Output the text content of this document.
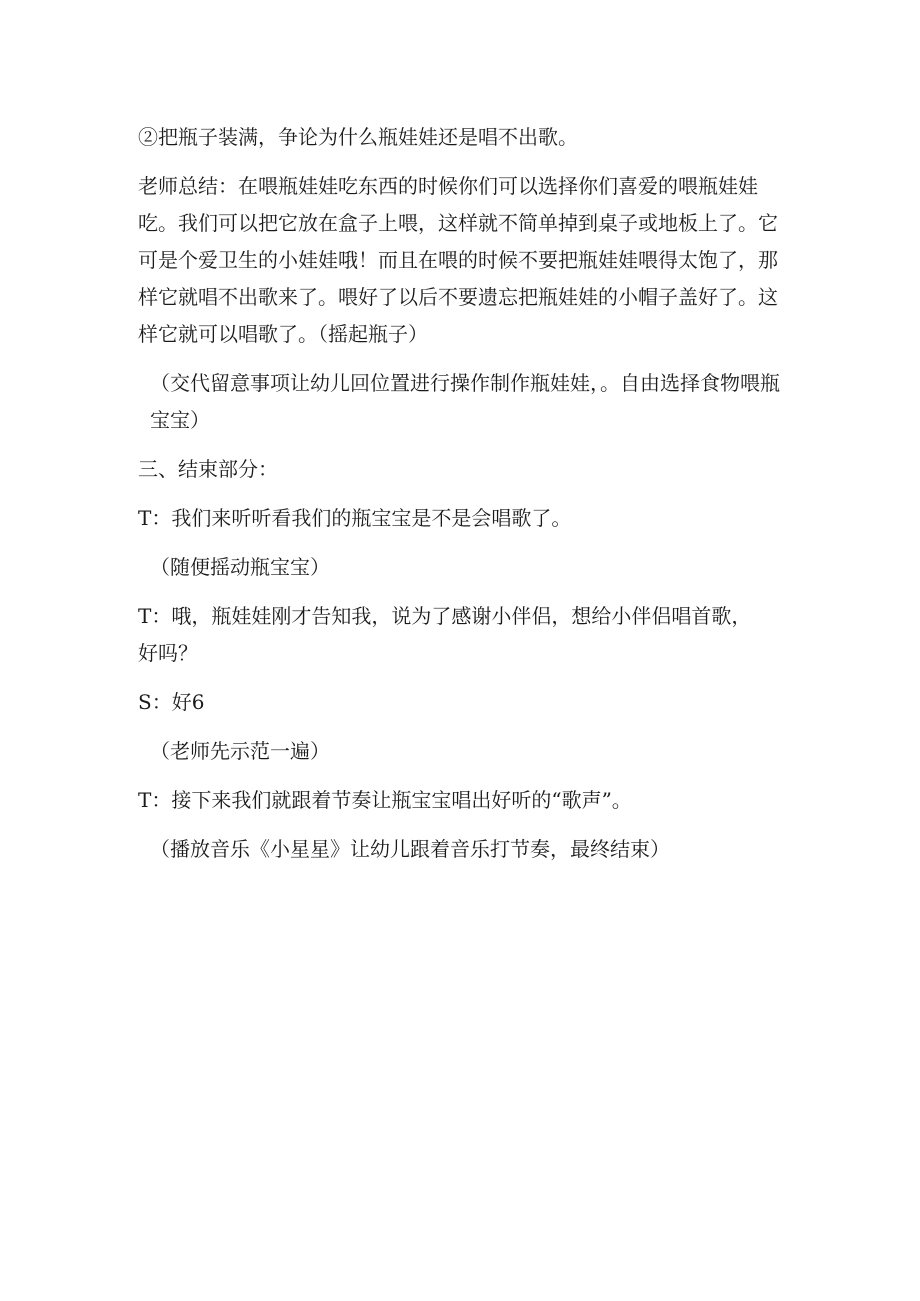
②把瓶子装满，争论为什么瓶娃娃还是唱不出歌。

老师总结：在喂瓶娃娃吃东西的时候你们可以选择你们喜爱的喂瓶娃娃吃。我们可以把它放在盒子上喂，这样就不简单掉到桌子或地板上了。它可是个爱卫生的小娃娃哦！而且在喂的时候不要把瓶娃娃喂得太饱了，那样它就唱不出歌来了。喂好了以后不要遗忘把瓶娃娃的小帽子盖好了。这样它就可以唱歌了。（摇起瓶子）

（交代留意事项让幼儿回位置进行操作制作瓶娃娃，。自由选择食物喂瓶宝宝）

三、结束部分：

T：我们来听听看我们的瓶宝宝是不是会唱歌了。

（随便摇动瓶宝宝）

T：哦，瓶娃娃刚才告知我，说为了感谢小伴侣，想给小伴侣唱首歌，好吗？

S：好6

（老师先示范一遍）

T：接下来我们就跟着节奏让瓶宝宝唱出好听的“歌声”。

（播放音乐《小星星》让幼儿跟着音乐打节奏，最终结束）
